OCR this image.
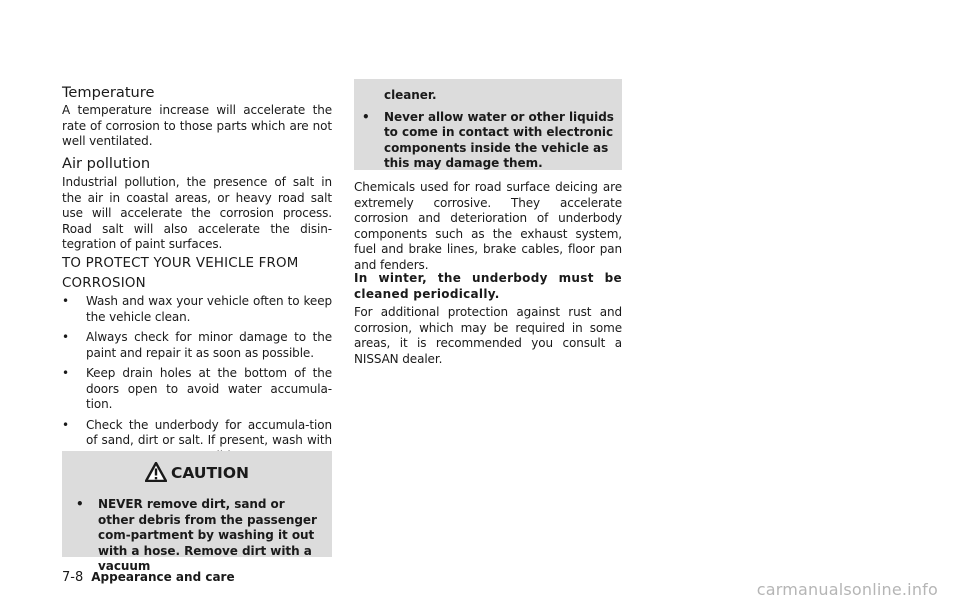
Temperature

A temperature increase will accelerate the rate of corrosion to those parts which are not well ventilated.

Air pollution

Industrial pollution, the presence of salt in the air in coastal areas, or heavy road salt use will accelerate the corrosion process. Road salt will also accelerate the disin-tegration of paint surfaces.

TO PROTECT YOUR VEHICLE FROM
CORROSION
• Wash and wax your vehicle often to keep the vehicle clean.
• Always check for minor damage to the paint and repair it as soon as possible.
• Keep drain holes at the bottom of the doors open to avoid water accumula-tion.
• Check the underbody for accumula-tion of sand, dirt or salt. If present, wash with
CAUTION
• NEVER remove dirt, sand or other debris from the passenger com-partment by washing it out with a hose. Remove dirt with a vacuum
cleaner.
• Never allow water or other liquids to come in contact with electronic components inside the vehicle as this may damage them.

Chemicals used for road surface deicing are extremely corrosive. They accelerate corrosion and deterioration of underbody components such as the exhaust system, fuel and brake lines, brake cables, floor pan and fenders.

In winter, the underbody must be cleaned periodically.

For additional protection against rust and corrosion, which may be required in some areas, it is recommended you consult a NISSAN dealer.

7-8 Appearance and care
carmanualsonline.info
